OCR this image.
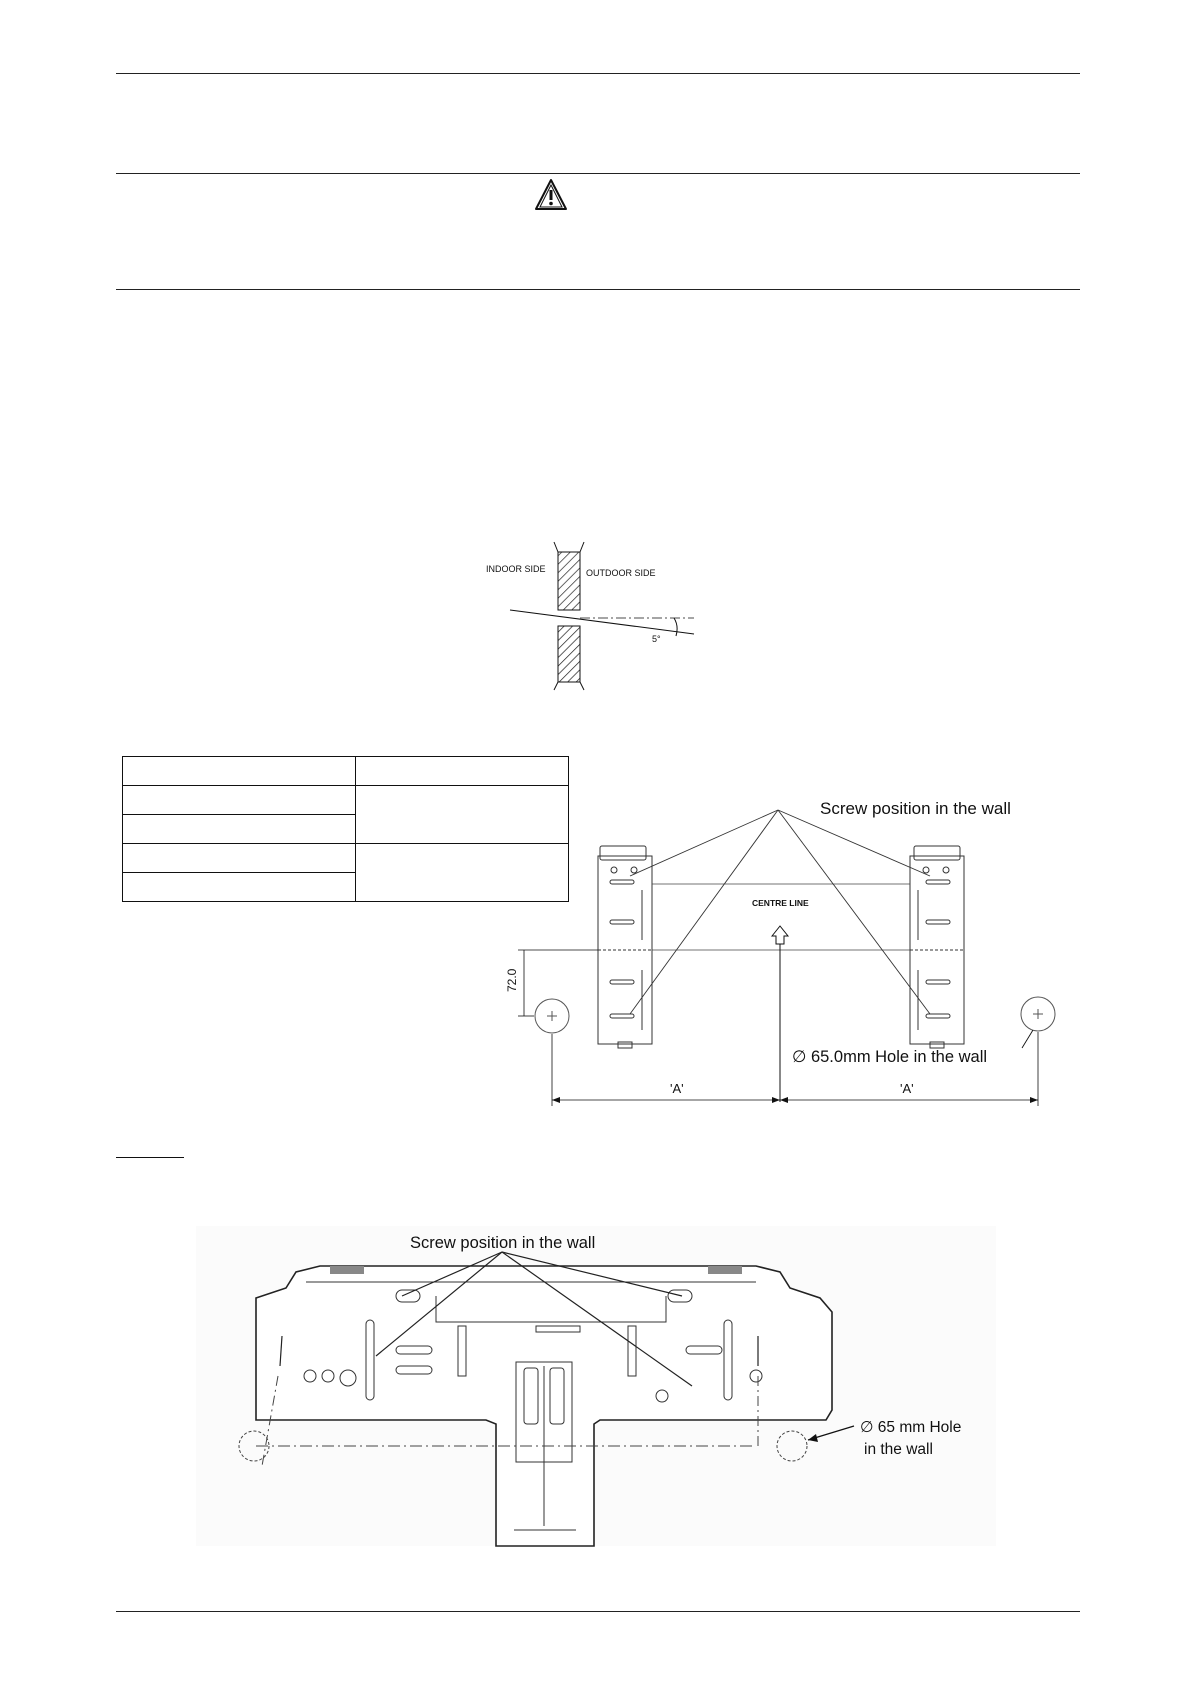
INDOOR SIDE	OUTDOOR SIDE
5°

72.0
Screw position in the wall
CENTRE LINE
∅ 65.0mm Hole in the wall
'A'	'A'
Screw position in the wall
∅ 65 mm Hole
in the wall
